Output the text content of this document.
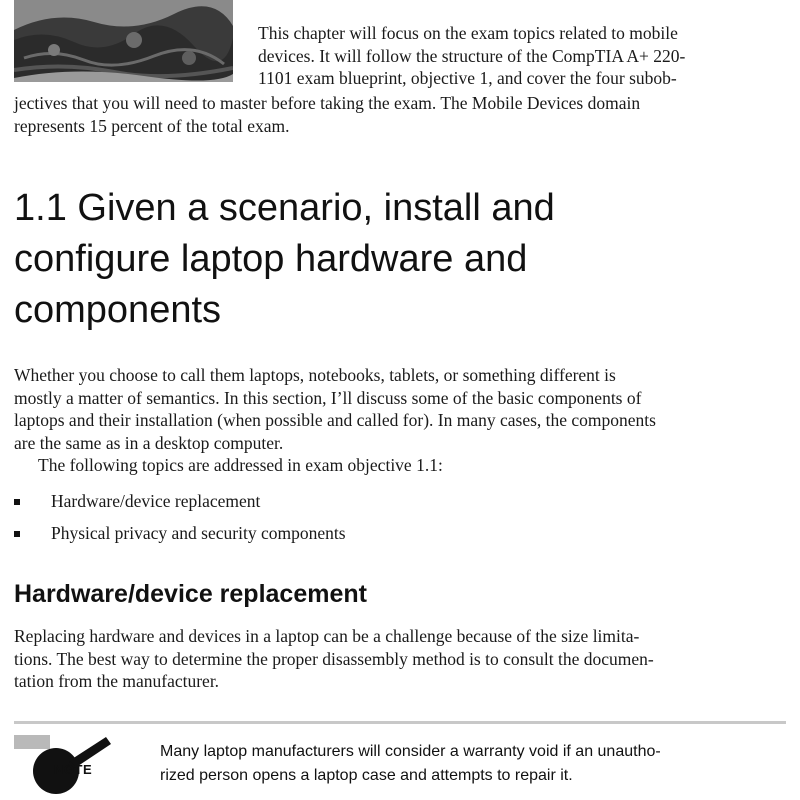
This chapter will focus on the exam topics related to mobile
devices. It will follow the structure of the CompTIA A+ 220-
1101 exam blueprint, objective 1, and cover the four subob-

jectives that you will need to master before taking the exam. The Mobile Devices domain
represents 15 percent of the total exam.

1.1 Given a scenario, install and
configure laptop hardware and
components

Whether you choose to call them laptops, notebooks, tablets, or something different is
mostly a matter of semantics. In this section, I’ll discuss some of the basic components of
laptops and their installation (when possible and called for). In many cases, the components
are the same as in a desktop computer.
The following topics are addressed in exam objective 1.1:

Hardware/device replacement
Physical privacy and security components
Hardware/device replacement

Replacing hardware and devices in a laptop can be a challenge because of the size limita-
tions. The best way to determine the proper disassembly method is to consult the documen-
tation from the manufacturer.

NOTE

Many laptop manufacturers will consider a warranty void if an unautho-
rized person opens a laptop case and attempts to repair it.
